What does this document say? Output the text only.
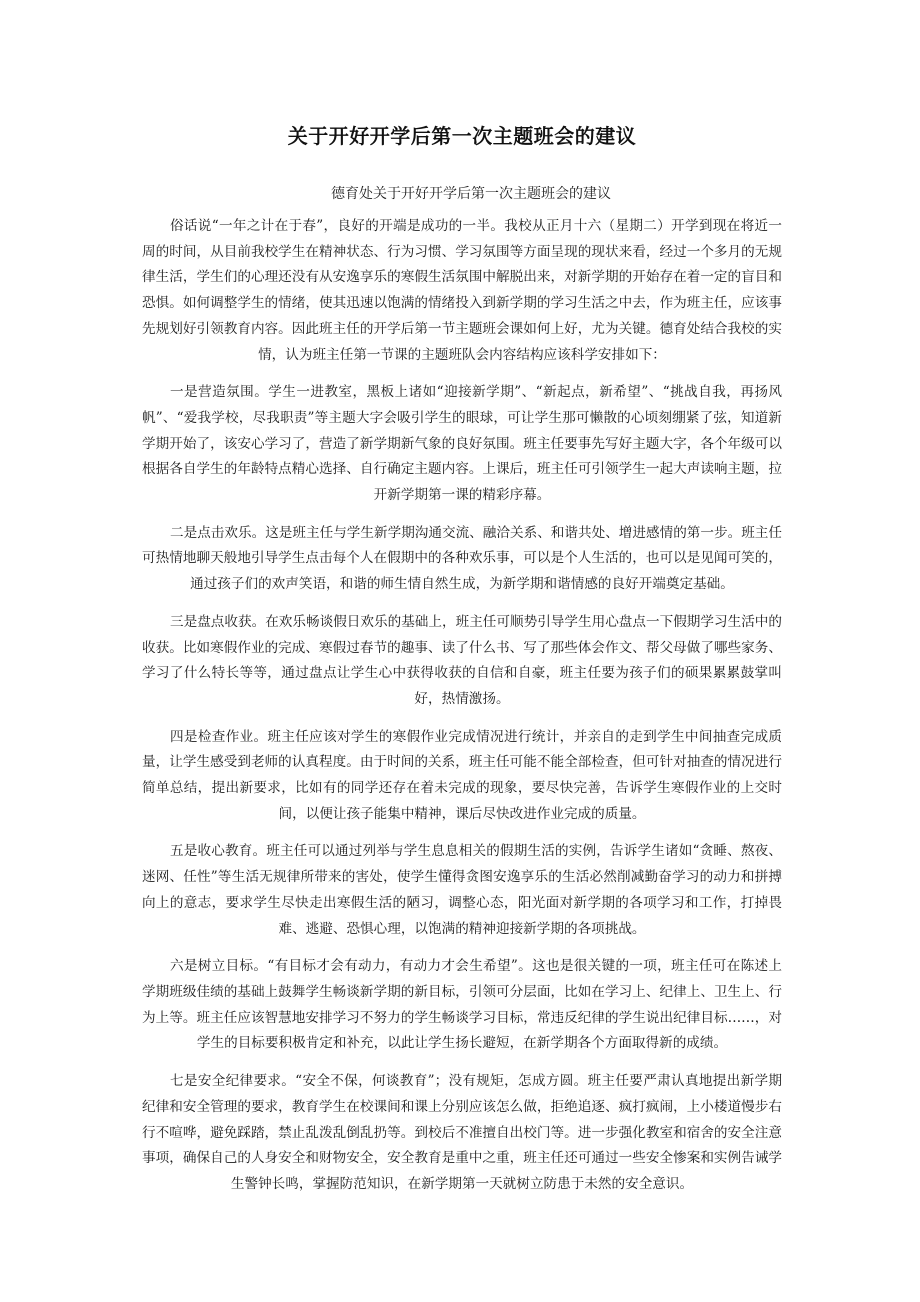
关于开好开学后第一次主题班会的建议
德育处关于开好开学后第一次主题班会的建议

俗话说“一年之计在于春”，良好的开端是成功的一半。我校从正月十六（星期二）开学到现在将近一周的时间，从目前我校学生在精神状态、行为习惯、学习氛围等方面呈现的现状来看，经过一个多月的无规律生活，学生们的心理还没有从安逸享乐的寒假生活氛围中解脱出来，对新学期的开始存在着一定的盲目和恐惧。如何调整学生的情绪，使其迅速以饱满的情绪投入到新学期的学习生活之中去，作为班主任，应该事先规划好引领教育内容。因此班主任的开学后第一节主题班会课如何上好，尤为关键。德育处结合我校的实情，认为班主任第一节课的主题班队会内容结构应该科学安排如下：

一是营造氛围。学生一进教室，黑板上诸如“迎接新学期”、“新起点，新希望”、“挑战自我，再扬风帆”、“爱我学校，尽我职责”等主题大字会吸引学生的眼球，可让学生那可懒散的心顷刻绷紧了弦，知道新学期开始了，该安心学习了，营造了新学期新气象的良好氛围。班主任要事先写好主题大字，各个年级可以根据各自学生的年龄特点精心选择、自行确定主题内容。上课后，班主任可引领学生一起大声读响主题，拉开新学期第一课的精彩序幕。

二是点击欢乐。这是班主任与学生新学期沟通交流、融洽关系、和谐共处、增进感情的第一步。班主任可热情地聊天般地引导学生点击每个人在假期中的各种欢乐事，可以是个人生活的，也可以是见闻可笑的，通过孩子们的欢声笑语，和谐的师生情自然生成，为新学期和谐情感的良好开端奠定基础。

三是盘点收获。在欢乐畅谈假日欢乐的基础上，班主任可顺势引导学生用心盘点一下假期学习生活中的收获。比如寒假作业的完成、寒假过春节的趣事、读了什么书、写了那些体会作文、帮父母做了哪些家务、学习了什么特长等等，通过盘点让学生心中获得收获的自信和自豪，班主任要为孩子们的硕果累累鼓掌叫好，热情激扬。

四是检查作业。班主任应该对学生的寒假作业完成情况进行统计，并亲自的走到学生中间抽查完成质量，让学生感受到老师的认真程度。由于时间的关系，班主任可能不能全部检查，但可针对抽查的情况进行简单总结，提出新要求，比如有的同学还存在着未完成的现象，要尽快完善，告诉学生寒假作业的上交时间，以便让孩子能集中精神，课后尽快改进作业完成的质量。

五是收心教育。班主任可以通过列举与学生息息相关的假期生活的实例，告诉学生诸如“贪睡、熬夜、迷网、任性”等生活无规律所带来的害处，使学生懂得贪图安逸享乐的生活必然削减勤奋学习的动力和拼搏向上的意志，要求学生尽快走出寒假生活的陋习，调整心态，阳光面对新学期的各项学习和工作，打掉畏难、逃避、恐惧心理，以饱满的精神迎接新学期的各项挑战。

六是树立目标。“有目标才会有动力，有动力才会生希望”。这也是很关键的一项，班主任可在陈述上学期班级佳绩的基础上鼓舞学生畅谈新学期的新目标，引领可分层面，比如在学习上、纪律上、卫生上、行为上等。班主任应该智慧地安排学习不努力的学生畅谈学习目标，常违反纪律的学生说出纪律目标……，对学生的目标要积极肯定和补充，以此让学生扬长避短，在新学期各个方面取得新的成绩。

七是安全纪律要求。“安全不保，何谈教育”；没有规矩，怎成方圆。班主任要严肃认真地提出新学期纪律和安全管理的要求，教育学生在校课间和课上分别应该怎么做，拒绝追逐、疯打疯闹，上小楼道慢步右行不喧哗，避免踩踏，禁止乱泼乱倒乱扔等。到校后不准擅自出校门等。进一步强化教室和宿舍的安全注意事项，确保自己的人身安全和财物安全，安全教育是重中之重，班主任还可通过一些安全惨案和实例告诫学生警钟长鸣，掌握防范知识，在新学期第一天就树立防患于未然的安全意识。
